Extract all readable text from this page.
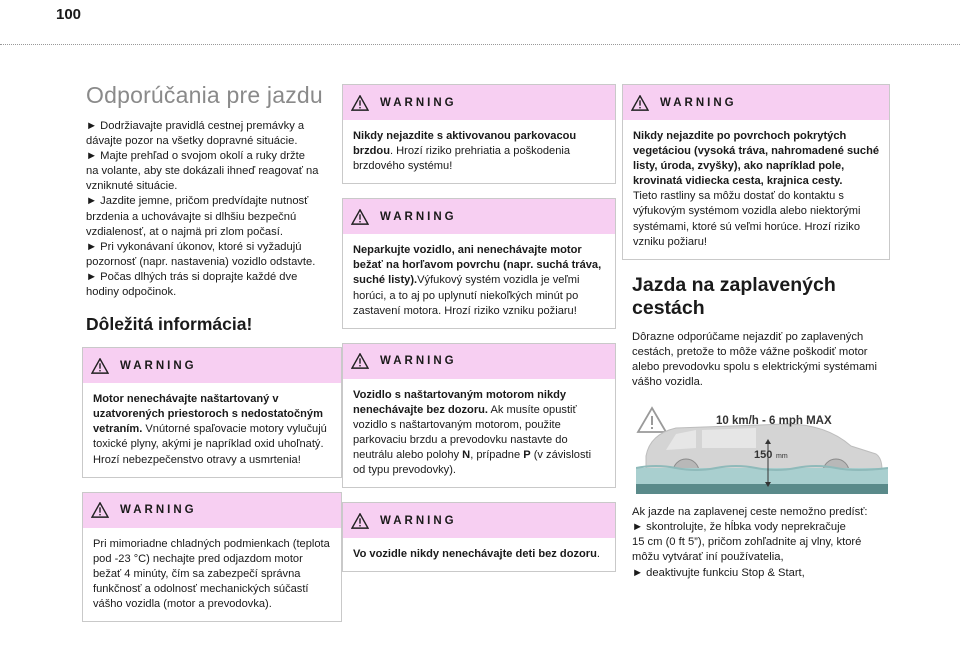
100
Odporúčania pre jazdu

► Dodržiavajte pravidlá cestnej premávky a
dávajte pozor na všetky dopravné situácie.
► Majte prehľad o svojom okolí a ruky držte
na volante, aby ste dokázali ihneď reagovať na
vzniknuté situácie.
► Jazdite jemne, pričom predvídajte nutnosť
brzdenia a uchovávajte si dlhšiu bezpečnú
vzdialenosť, at o najmä pri zlom počasí.
► Pri vykonávaní úkonov, ktoré si vyžadujú
pozornosť (napr. nastavenia) vozidlo odstavte.
► Počas dlhých trás si doprajte každé dve
hodiny odpočinok.

Dôležitá informácia!
WARNING
Motor nenechávajte naštartovaný v uzatvorených priestoroch s nedostatočným vetraním. Vnútorné spaľovacie motory vylučujú toxické plyny, akými je napríklad oxid uhoľnatý. Hrozí nebezpečenstvo otravy a usmrtenia!
WARNING
Pri mimoriadne chladných podmienkach (teplota pod -23 °C) nechajte pred odjazdom motor bežať 4 minúty, čím sa zabezpečí správna funkčnosť a odolnosť mechanických súčastí vášho vozidla (motor a prevodovka).
WARNING
Nikdy nejazdite s aktivovanou parkovacou brzdou. Hrozí riziko prehriatia a poškodenia brzdového systému!
WARNING
Neparkujte vozidlo, ani nenechávajte motor bežať na horľavom povrchu (napr. suchá tráva, suché listy).Výfukový systém vozidla je veľmi horúci, a to aj po uplynutí niekoľkých minút po zastavení motora. Hrozí riziko vzniku požiaru!
WARNING
Vozidlo s naštartovaným motorom nikdy nenechávajte bez dozoru. Ak musíte opustiť vozidlo s naštartovaným motorom, použite parkovaciu brzdu a prevodovku nastavte do neutrálu alebo polohy N, prípadne P (v závislosti od typu prevodovky).
WARNING
Vo vozidle nikdy nenechávajte deti bez dozoru.
WARNING
Nikdy nejazdite po povrchoch pokrytých vegetáciou (vysoká tráva, nahromadené suché listy, úroda, zvyšky), ako napríklad pole, krovinatá vidiecka cesta, krajnica cesty.
Tieto rastliny sa môžu dostať do kontaktu s výfukovým systémom vozidla alebo niektorými systémami, ktoré sú veľmi horúce. Hrozí riziko vzniku požiaru!
Jazda na zaplavených cestách

Dôrazne odporúčame nejazdiť po zaplavených cestách, pretože to môže vážne poškodiť motor alebo prevodovku spolu s elektrickými systémami vášho vozidla.

10 km/h - 6 mph MAX
150 mm

Ak jazde na zaplavenej ceste nemožno predísť:
► skontrolujte, že hĺbka vody neprekračuje
15 cm (0 ft 5”), pričom zohľadnite aj vlny, ktoré
môžu vytvárať iní používatelia,
► deaktivujte funkciu Stop & Start,
